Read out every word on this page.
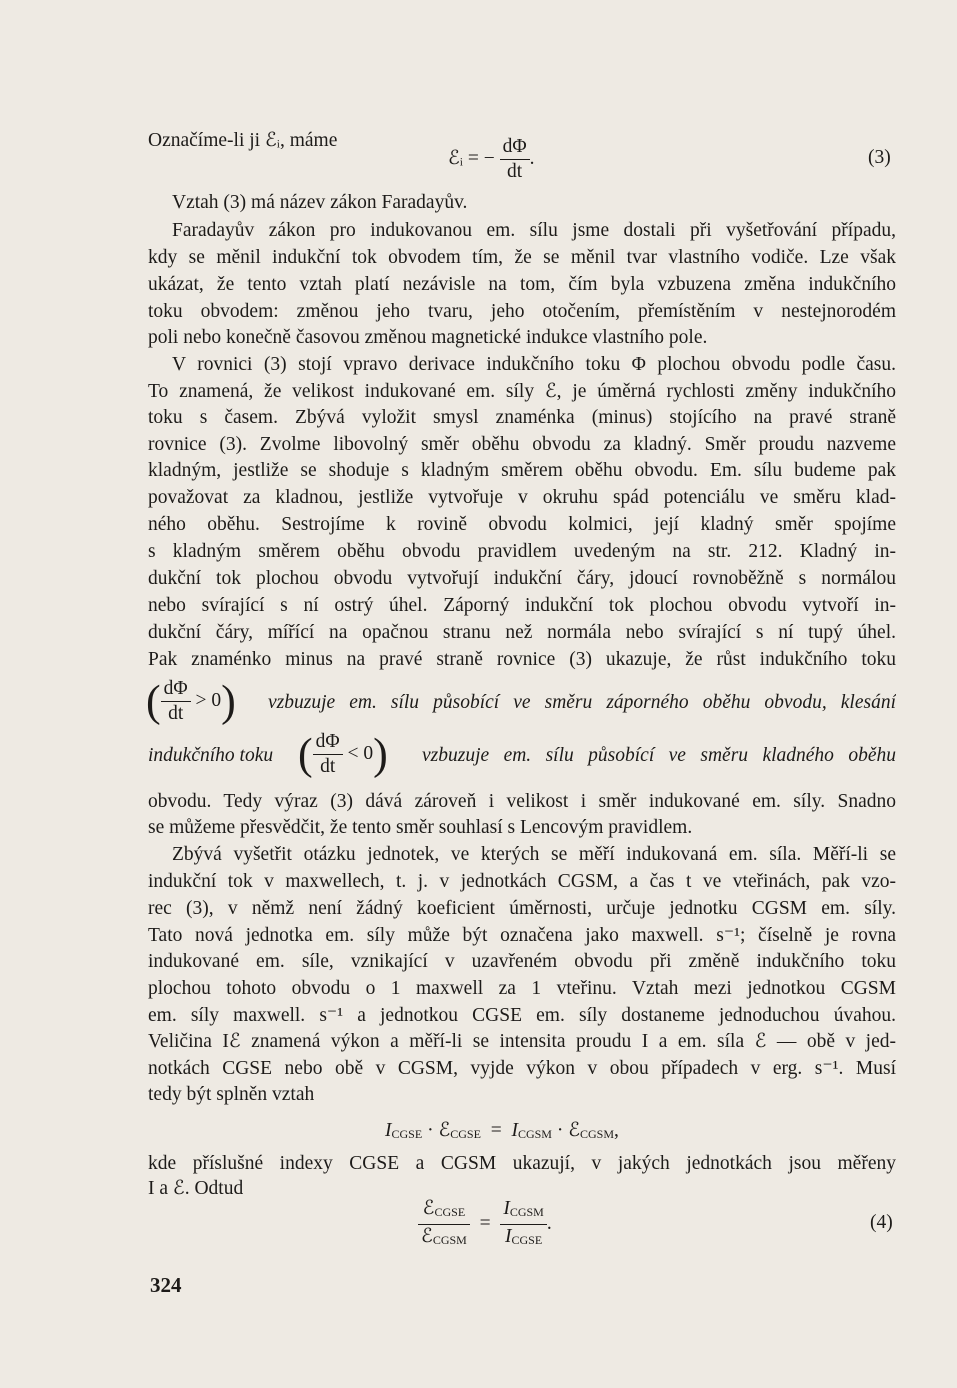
Označíme-li ji ℰᵢ, máme
ℰᵢ = − $\frac{d\Phi}{dt}$ .	(3)
Vztah (3) má název zákon Faradayův.
Faradayův zákon pro indukovanou em. sílu jsme dostali při vyšetřování případu,
kdy se měnil indukční tok obvodem tím, že se měnil tvar vlastního vodiče. Lze však
ukázat, že tento vztah platí nezávisle na tom, čím byla vzbuzena změna indukčního
toku obvodem: změnou jeho tvaru, jeho otočením, přemístěním v nestejnorodém
poli nebo konečně časovou změnou magnetické indukce vlastního pole.
V rovnici (3) stojí vpravo derivace indukčního toku Φ plochou obvodu podle času.
To znamená, že velikost indukované em. síly ℰ, je úměrná rychlosti změny indukčního
toku s časem. Zbývá vyložit smysl znaménka (minus) stojícího na pravé straně
rovnice (3). Zvolme libovolný směr oběhu obvodu za kladný. Směr proudu nazveme
kladným, jestliže se shoduje s kladným směrem oběhu obvodu. Em. sílu budeme pak
považovat za kladnou, jestliže vytvořuje v okruhu spád potenciálu ve směru klad-
ného oběhu. Sestrojíme k rovině obvodu kolmici, její kladný směr spojíme
s kladným směrem oběhu obvodu pravidlem uvedeným na str. 212. Kladný in-
dukční tok plochou obvodu vytvořují indukční čáry, jdoucí rovnoběžně s normálou
nebo svírající s ní ostrý úhel. Záporný indukční tok plochou obvodu vytvoří in-
dukční čáry, mířící na opačnou stranu než normála nebo svírající s ní tupý úhel.
Pak znaménko minus na pravé straně rovnice (3) ukazuje, že růst indukčního toku
( $\frac{d\Phi}{dt} > 0$) vzbuzuje em. sílu působící ve směru záporného oběhu obvodu, klesání
indukčního toku ( $\frac{d\Phi}{dt} < 0$) vzbuzuje em. sílu působící ve směru kladného oběhu
obvodu. Tedy výraz (3) dává zároveň i velikost i směr indukované em. síly. Snadno
se můžeme přesvědčit, že tento směr souhlasí s Lencovým pravidlem.
Zbývá vyšetřit otázku jednotek, ve kterých se měří indukovaná em. síla. Měří-li se
indukční tok v maxwellech, t. j. v jednotkách CGSM, a čas t ve vteřinách, pak vzo-
rec (3), v němž není žádný koeficient úměrnosti, určuje jednotku CGSM em. síly.
Tato nová jednotka em. síly může být označena jako maxwell. s⁻¹; číselně je rovna
indukované em. síle, vznikající v uzavřeném obvodu při změně indukčního toku
plochou tohoto obvodu o 1 maxwell za 1 vteřinu. Vztah mezi jednotkou CGSM
em. síly maxwell. s⁻¹ a jednotkou CGSE em. síly dostaneme jednoduchou úvahou.
Veličina Iℰ znamená výkon a měří-li se intensita proudu I a em. síla ℰ — obě v jed-
notkách CGSE nebo obě v CGSM, vyjde výkon v obou případech v erg. s⁻¹. Musí
tedy být splněn vztah
ICGSE · ℰCGSE = ICGSM · ℰCGSM,
kde příslušné indexy CGSE a CGSM ukazují, v jakých jednotkách jsou měřeny
I a ℰ. Odtud
$\frac{\text{ℰCGSE}}{\text{ℰCGSM}} = \frac{\text{ICGSM}}{\text{ICGSE}}$ .	(4)
324
